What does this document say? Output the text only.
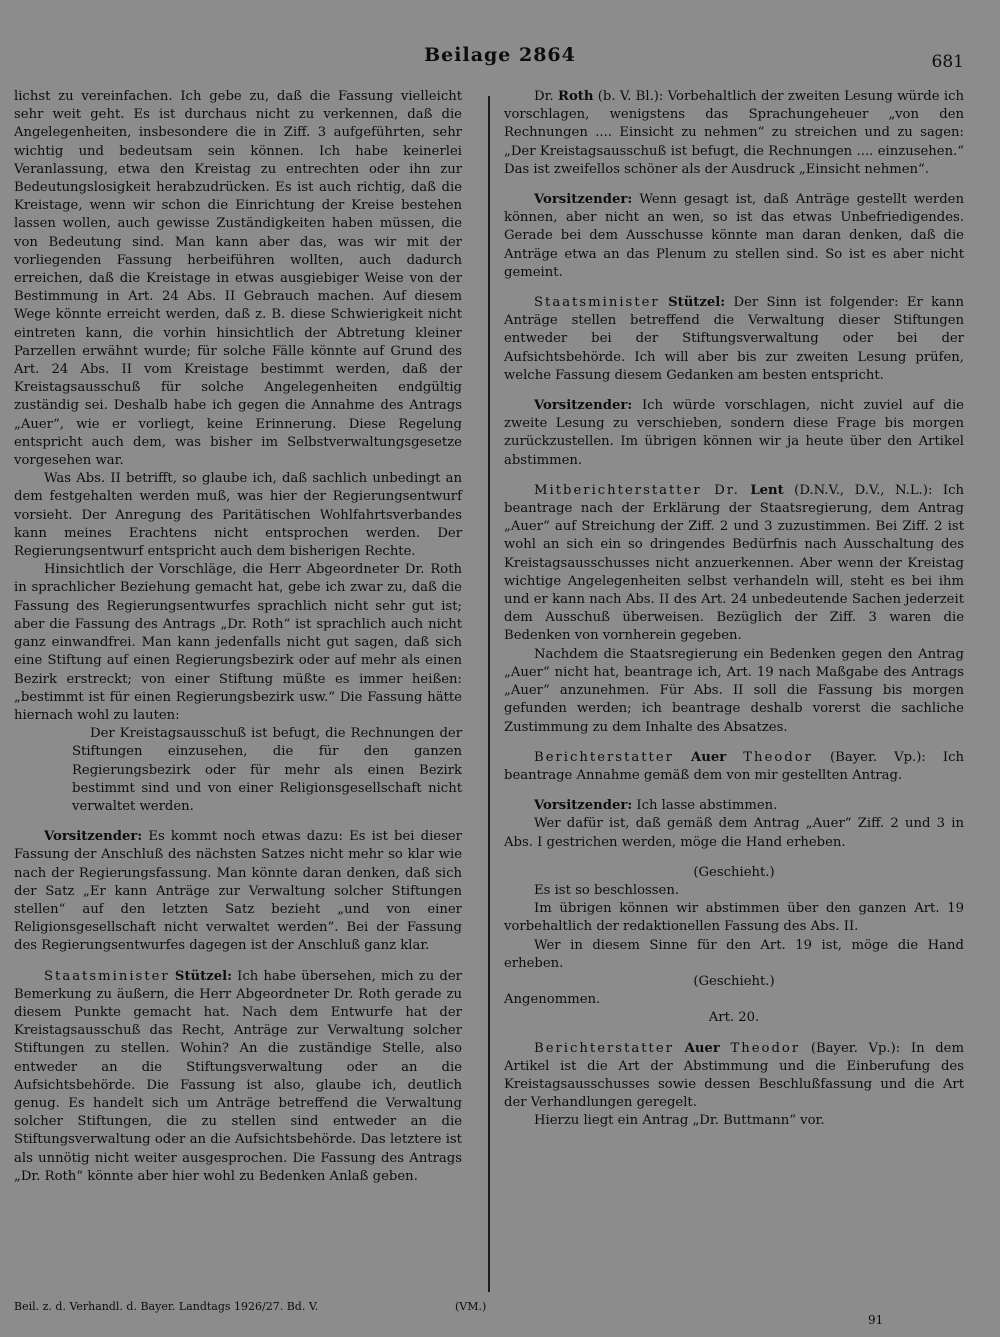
Beilage 2864	681

lichst zu vereinfachen. Ich gebe zu, daß die Fassung vielleicht sehr weit geht. Es ist durchaus nicht zu verkennen, daß die Angelegenheiten, insbesondere die in Ziff. 3 aufgeführten, sehr wichtig und bedeutsam sein können. Ich habe keinerlei Veranlassung, etwa den Kreistag zu entrechten oder ihn zur Bedeutungslosigkeit herabzudrücken. Es ist auch richtig, daß die Kreistage, wenn wir schon die Einrichtung der Kreise bestehen lassen wollen, auch gewisse Zuständigkeiten haben müssen, die von Bedeutung sind. Man kann aber das, was wir mit der vorliegenden Fassung herbeiführen wollten, auch dadurch erreichen, daß die Kreistage in etwas ausgiebiger Weise von der Bestimmung in Art. 24 Abs. II Gebrauch machen. Auf diesem Wege könnte erreicht werden, daß z. B. diese Schwierigkeit nicht eintreten kann, die vorhin hinsichtlich der Abtretung kleiner Parzellen erwähnt wurde; für solche Fälle könnte auf Grund des Art. 24 Abs. II vom Kreistage bestimmt werden, daß der Kreistagsausschuß für solche Angelegenheiten endgültig zuständig sei. Deshalb habe ich gegen die Annahme des Antrags „Auer“, wie er vorliegt, keine Erinnerung. Diese Regelung entspricht auch dem, was bisher im Selbstverwaltungsgesetze vorgesehen war.

Was Abs. II betrifft, so glaube ich, daß sachlich unbedingt an dem festgehalten werden muß, was hier der Regierungsentwurf vorsieht. Der Anregung des Paritätischen Wohlfahrtsverbandes kann meines Erachtens nicht entsprochen werden. Der Regierungsentwurf entspricht auch dem bisherigen Rechte.

Hinsichtlich der Vorschläge, die Herr Abgeordneter Dr. Roth in sprachlicher Beziehung gemacht hat, gebe ich zwar zu, daß die Fassung des Regierungsentwurfes sprachlich nicht sehr gut ist; aber die Fassung des Antrags „Dr. Roth“ ist sprachlich auch nicht ganz einwandfrei. Man kann jedenfalls nicht gut sagen, daß sich eine Stiftung auf einen Regierungsbezirk oder auf mehr als einen Bezirk erstreckt; von einer Stiftung müßte es immer heißen: „bestimmt ist für einen Regierungsbezirk usw.“ Die Fassung hätte hiernach wohl zu lauten:

Der Kreistagsausschuß ist befugt, die Rechnungen der Stiftungen einzusehen, die für den ganzen Regierungsbezirk oder für mehr als einen Bezirk bestimmt sind und von einer Religionsgesellschaft nicht verwaltet werden.

Vorsitzender: Es kommt noch etwas dazu: Es ist bei dieser Fassung der Anschluß des nächsten Satzes nicht mehr so klar wie nach der Regierungsfassung. Man könnte daran denken, daß sich der Satz „Er kann Anträge zur Verwaltung solcher Stiftungen stellen“ auf den letzten Satz bezieht „und von einer Religionsgesellschaft nicht verwaltet werden“. Bei der Fassung des Regierungsentwurfes dagegen ist der Anschluß ganz klar.

Staatsminister Stützel: Ich habe übersehen, mich zu der Bemerkung zu äußern, die Herr Abgeordneter Dr. Roth gerade zu diesem Punkte gemacht hat. Nach dem Entwurfe hat der Kreistagsausschuß das Recht, Anträge zur Verwaltung solcher Stiftungen zu stellen. Wohin? An die zuständige Stelle, also entweder an die Stiftungsverwaltung oder an die Aufsichtsbehörde. Die Fassung ist also, glaube ich, deutlich genug. Es handelt sich um Anträge betreffend die Verwaltung solcher Stiftungen, die zu stellen sind entweder an die Stiftungsverwaltung oder an die Aufsichtsbehörde. Das letztere ist als unnötig nicht weiter ausgesprochen. Die Fassung des Antrags „Dr. Roth“ könnte aber hier wohl zu Bedenken Anlaß geben.

Dr. Roth (b. V. Bl.): Vorbehaltlich der zweiten Lesung würde ich vorschlagen, wenigstens das Sprachungeheuer „von den Rechnungen .... Einsicht zu nehmen“ zu streichen und zu sagen: „Der Kreistagsausschuß ist befugt, die Rechnungen .... einzusehen.“ Das ist zweifellos schöner als der Ausdruck „Einsicht nehmen“.

Vorsitzender: Wenn gesagt ist, daß Anträge gestellt werden können, aber nicht an wen, so ist das etwas Unbefriedigendes. Gerade bei dem Ausschusse könnte man daran denken, daß die Anträge etwa an das Plenum zu stellen sind. So ist es aber nicht gemeint.

Staatsminister Stützel: Der Sinn ist folgender: Er kann Anträge stellen betreffend die Verwaltung dieser Stiftungen entweder bei der Stiftungsverwaltung oder bei der Aufsichtsbehörde. Ich will aber bis zur zweiten Lesung prüfen, welche Fassung diesem Gedanken am besten entspricht.

Vorsitzender: Ich würde vorschlagen, nicht zuviel auf die zweite Lesung zu verschieben, sondern diese Frage bis morgen zurückzustellen. Im übrigen können wir ja heute über den Artikel abstimmen.

Mitberichterstatter Dr. Lent (D.N.V., D.V., N.L.): Ich beantrage nach der Erklärung der Staatsregierung, dem Antrag „Auer“ auf Streichung der Ziff. 2 und 3 zuzustimmen. Bei Ziff. 2 ist wohl an sich ein so dringendes Bedürfnis nach Ausschaltung des Kreistagsausschusses nicht anzuerkennen. Aber wenn der Kreistag wichtige Angelegenheiten selbst verhandeln will, steht es bei ihm und er kann nach Abs. II des Art. 24 unbedeutende Sachen jederzeit dem Ausschuß überweisen. Bezüglich der Ziff. 3 waren die Bedenken von vornherein gegeben.

Nachdem die Staatsregierung ein Bedenken gegen den Antrag „Auer“ nicht hat, beantrage ich, Art. 19 nach Maßgabe des Antrags „Auer“ anzunehmen. Für Abs. II soll die Fassung bis morgen gefunden werden; ich beantrage deshalb vorerst die sachliche Zustimmung zu dem Inhalte des Absatzes.

Berichterstatter Auer Theodor (Bayer. Vp.): Ich beantrage Annahme gemäß dem von mir gestellten Antrag.

Vorsitzender: Ich lasse abstimmen.

Wer dafür ist, daß gemäß dem Antrag „Auer“ Ziff. 2 und 3 in Abs. I gestrichen werden, möge die Hand erheben.

(Geschieht.)

Es ist so beschlossen.

Im übrigen können wir abstimmen über den ganzen Art. 19 vorbehaltlich der redaktionellen Fassung des Abs. II.

Wer in diesem Sinne für den Art. 19 ist, möge die Hand erheben.

(Geschieht.)

Angenommen.

Art. 20.

Berichterstatter Auer Theodor (Bayer. Vp.): In dem Artikel ist die Art der Abstimmung und die Einberufung des Kreistagsausschusses sowie dessen Beschlußfassung und die Art der Verhandlungen geregelt.

Hierzu liegt ein Antrag „Dr. Buttmann“ vor.

Beil. z. d. Verhandl. d. Bayer. Landtags 1926/27. Bd. V.	(VM.)
91
